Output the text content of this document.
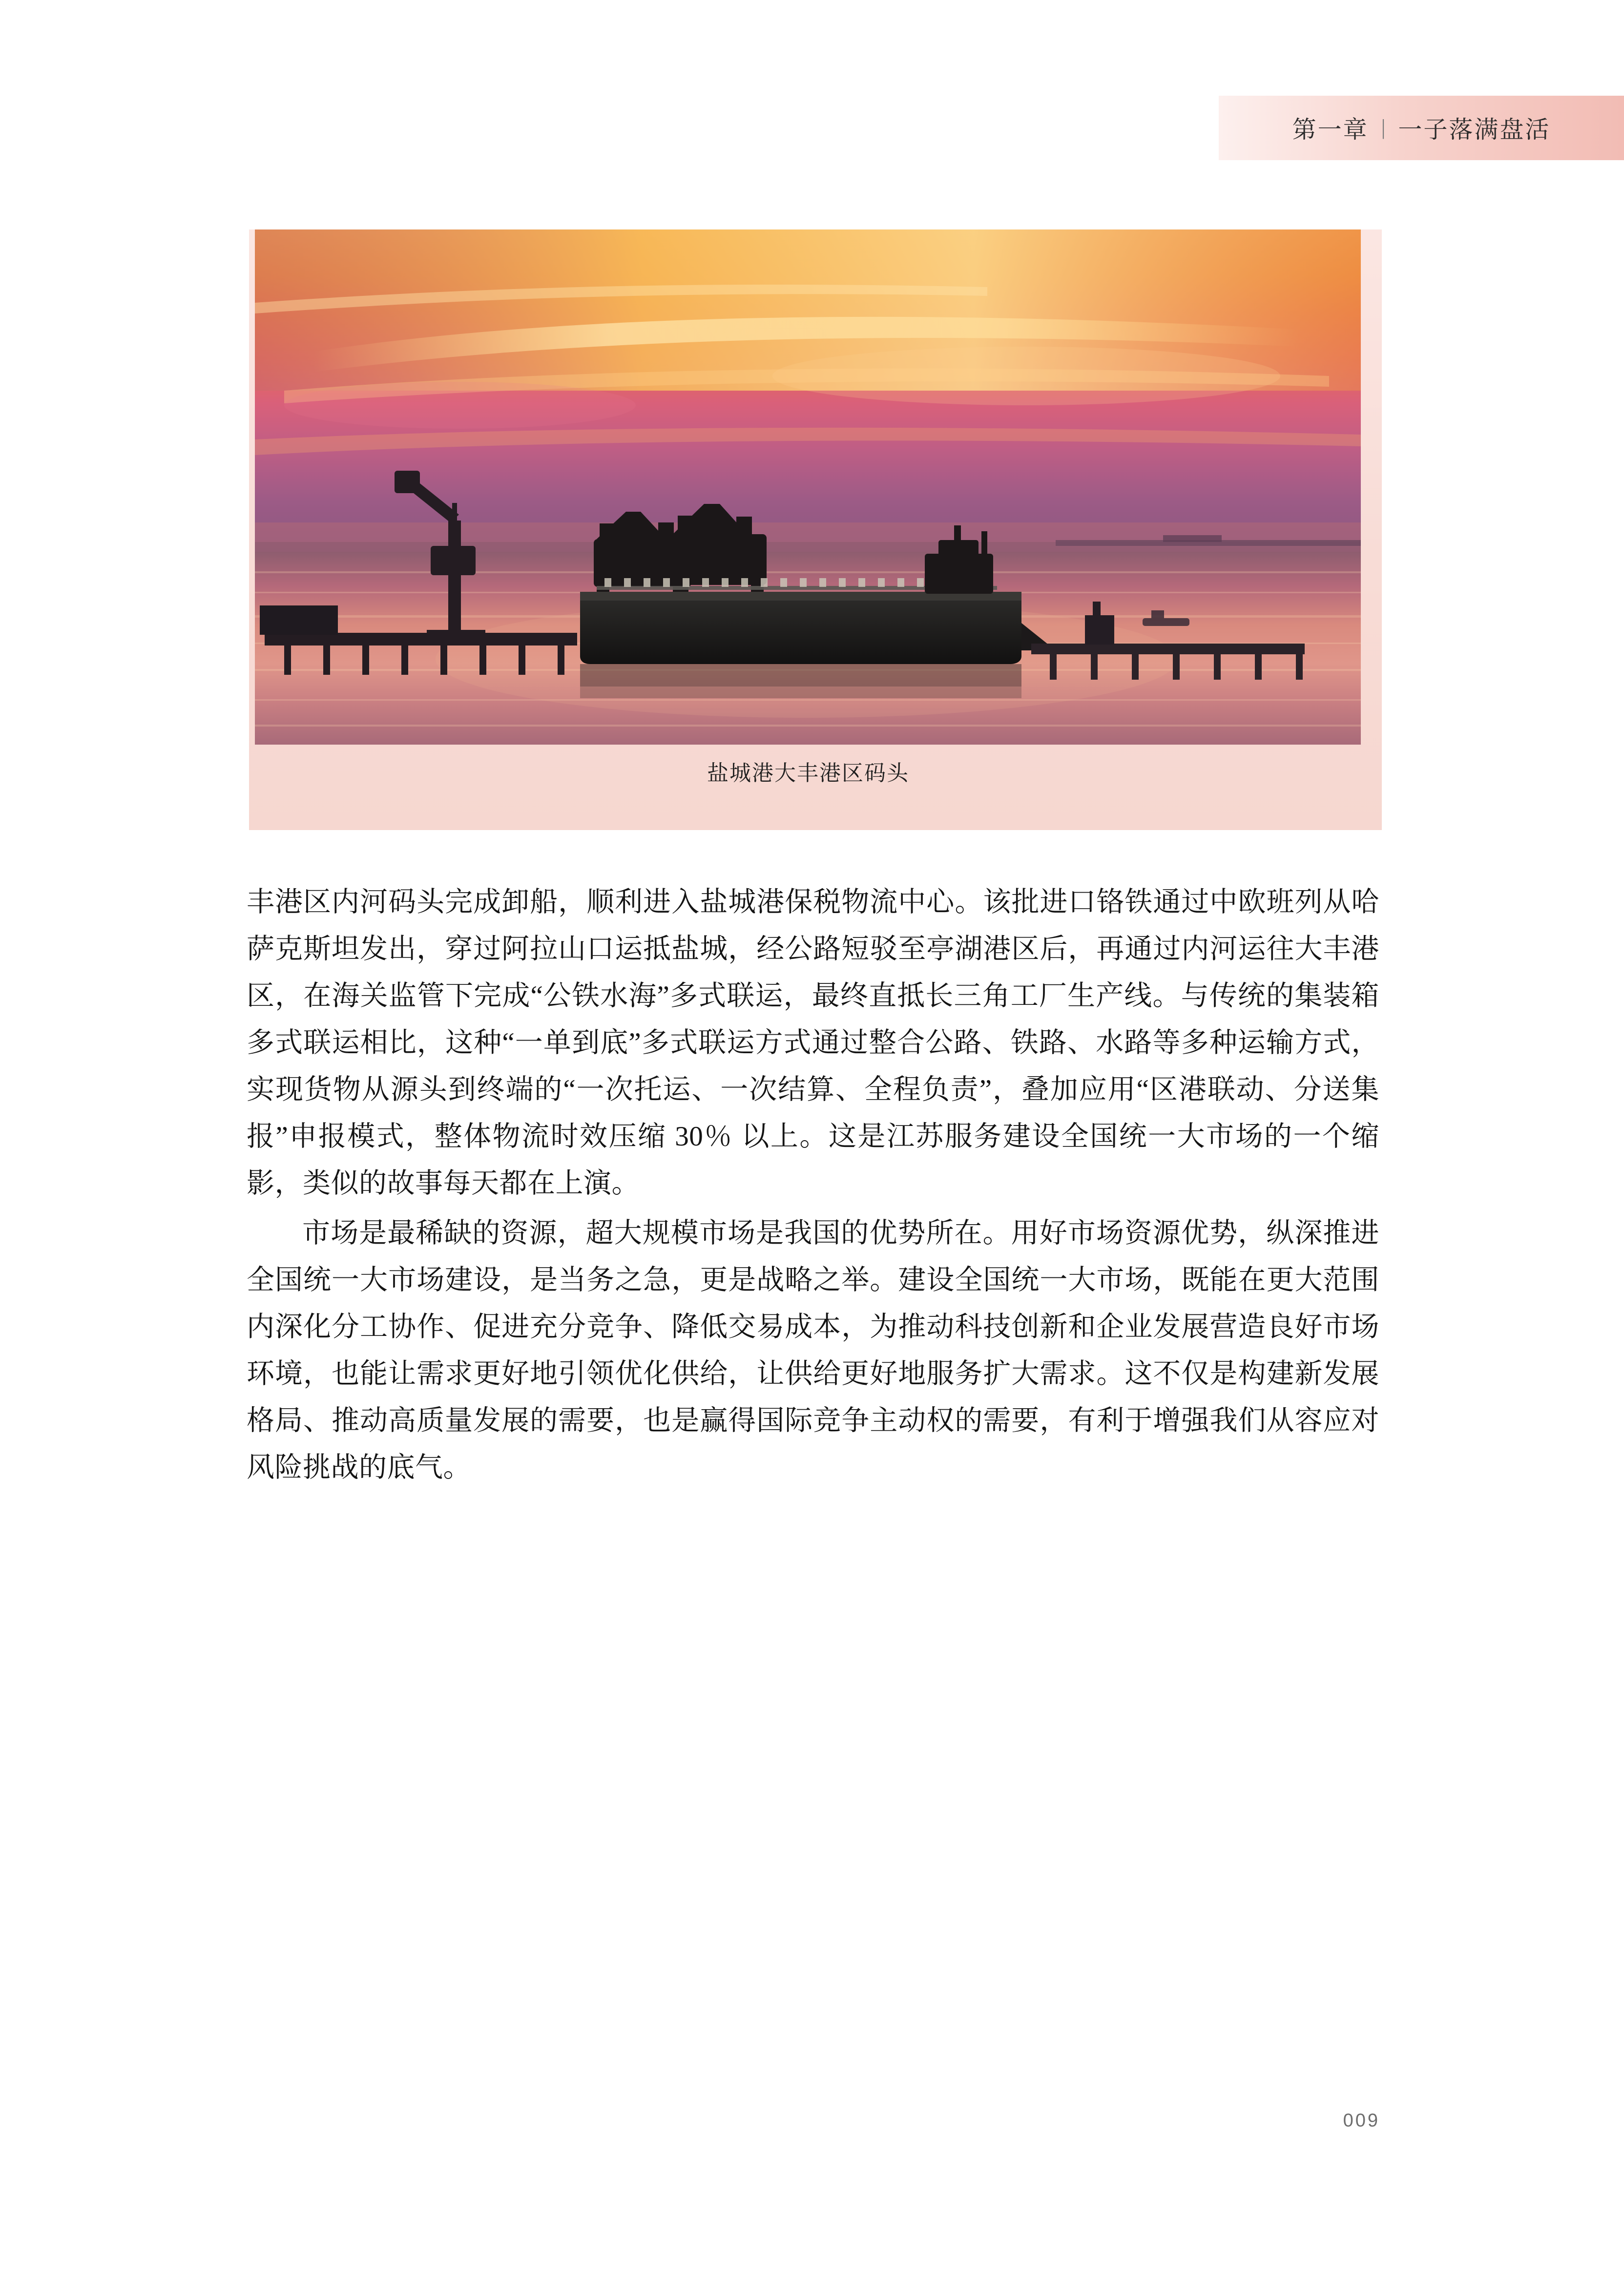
第一章 | 一子落满盘活
盐城港大丰港区码头

丰港区内河码头完成卸船，顺利进入盐城港保税物流中心。该批进口铬铁通过中欧班列从哈萨克斯坦发出，穿过阿拉山口运抵盐城，经公路短驳至亭湖港区后，再通过内河运往大丰港区，在海关监管下完成“公铁水海”多式联运，最终直抵长三角工厂生产线。与传统的集装箱多式联运相比，这种“一单到底”多式联运方式通过整合公路、铁路、水路等多种运输方式，实现货物从源头到终端的“一次托运、一次结算、全程负责”，叠加应用“区港联动、分送集报”申报模式，整体物流时效压缩 30％ 以上。这是江苏服务建设全国统一大市场的一个缩影，类似的故事每天都在上演。

市场是最稀缺的资源，超大规模市场是我国的优势所在。用好市场资源优势，纵深推进全国统一大市场建设，是当务之急，更是战略之举。建设全国统一大市场，既能在更大范围内深化分工协作、促进充分竞争、降低交易成本，为推动科技创新和企业发展营造良好市场环境，也能让需求更好地引领优化供给，让供给更好地服务扩大需求。这不仅是构建新发展格局、推动高质量发展的需要，也是赢得国际竞争主动权的需要，有利于增强我们从容应对风险挑战的底气。

009
